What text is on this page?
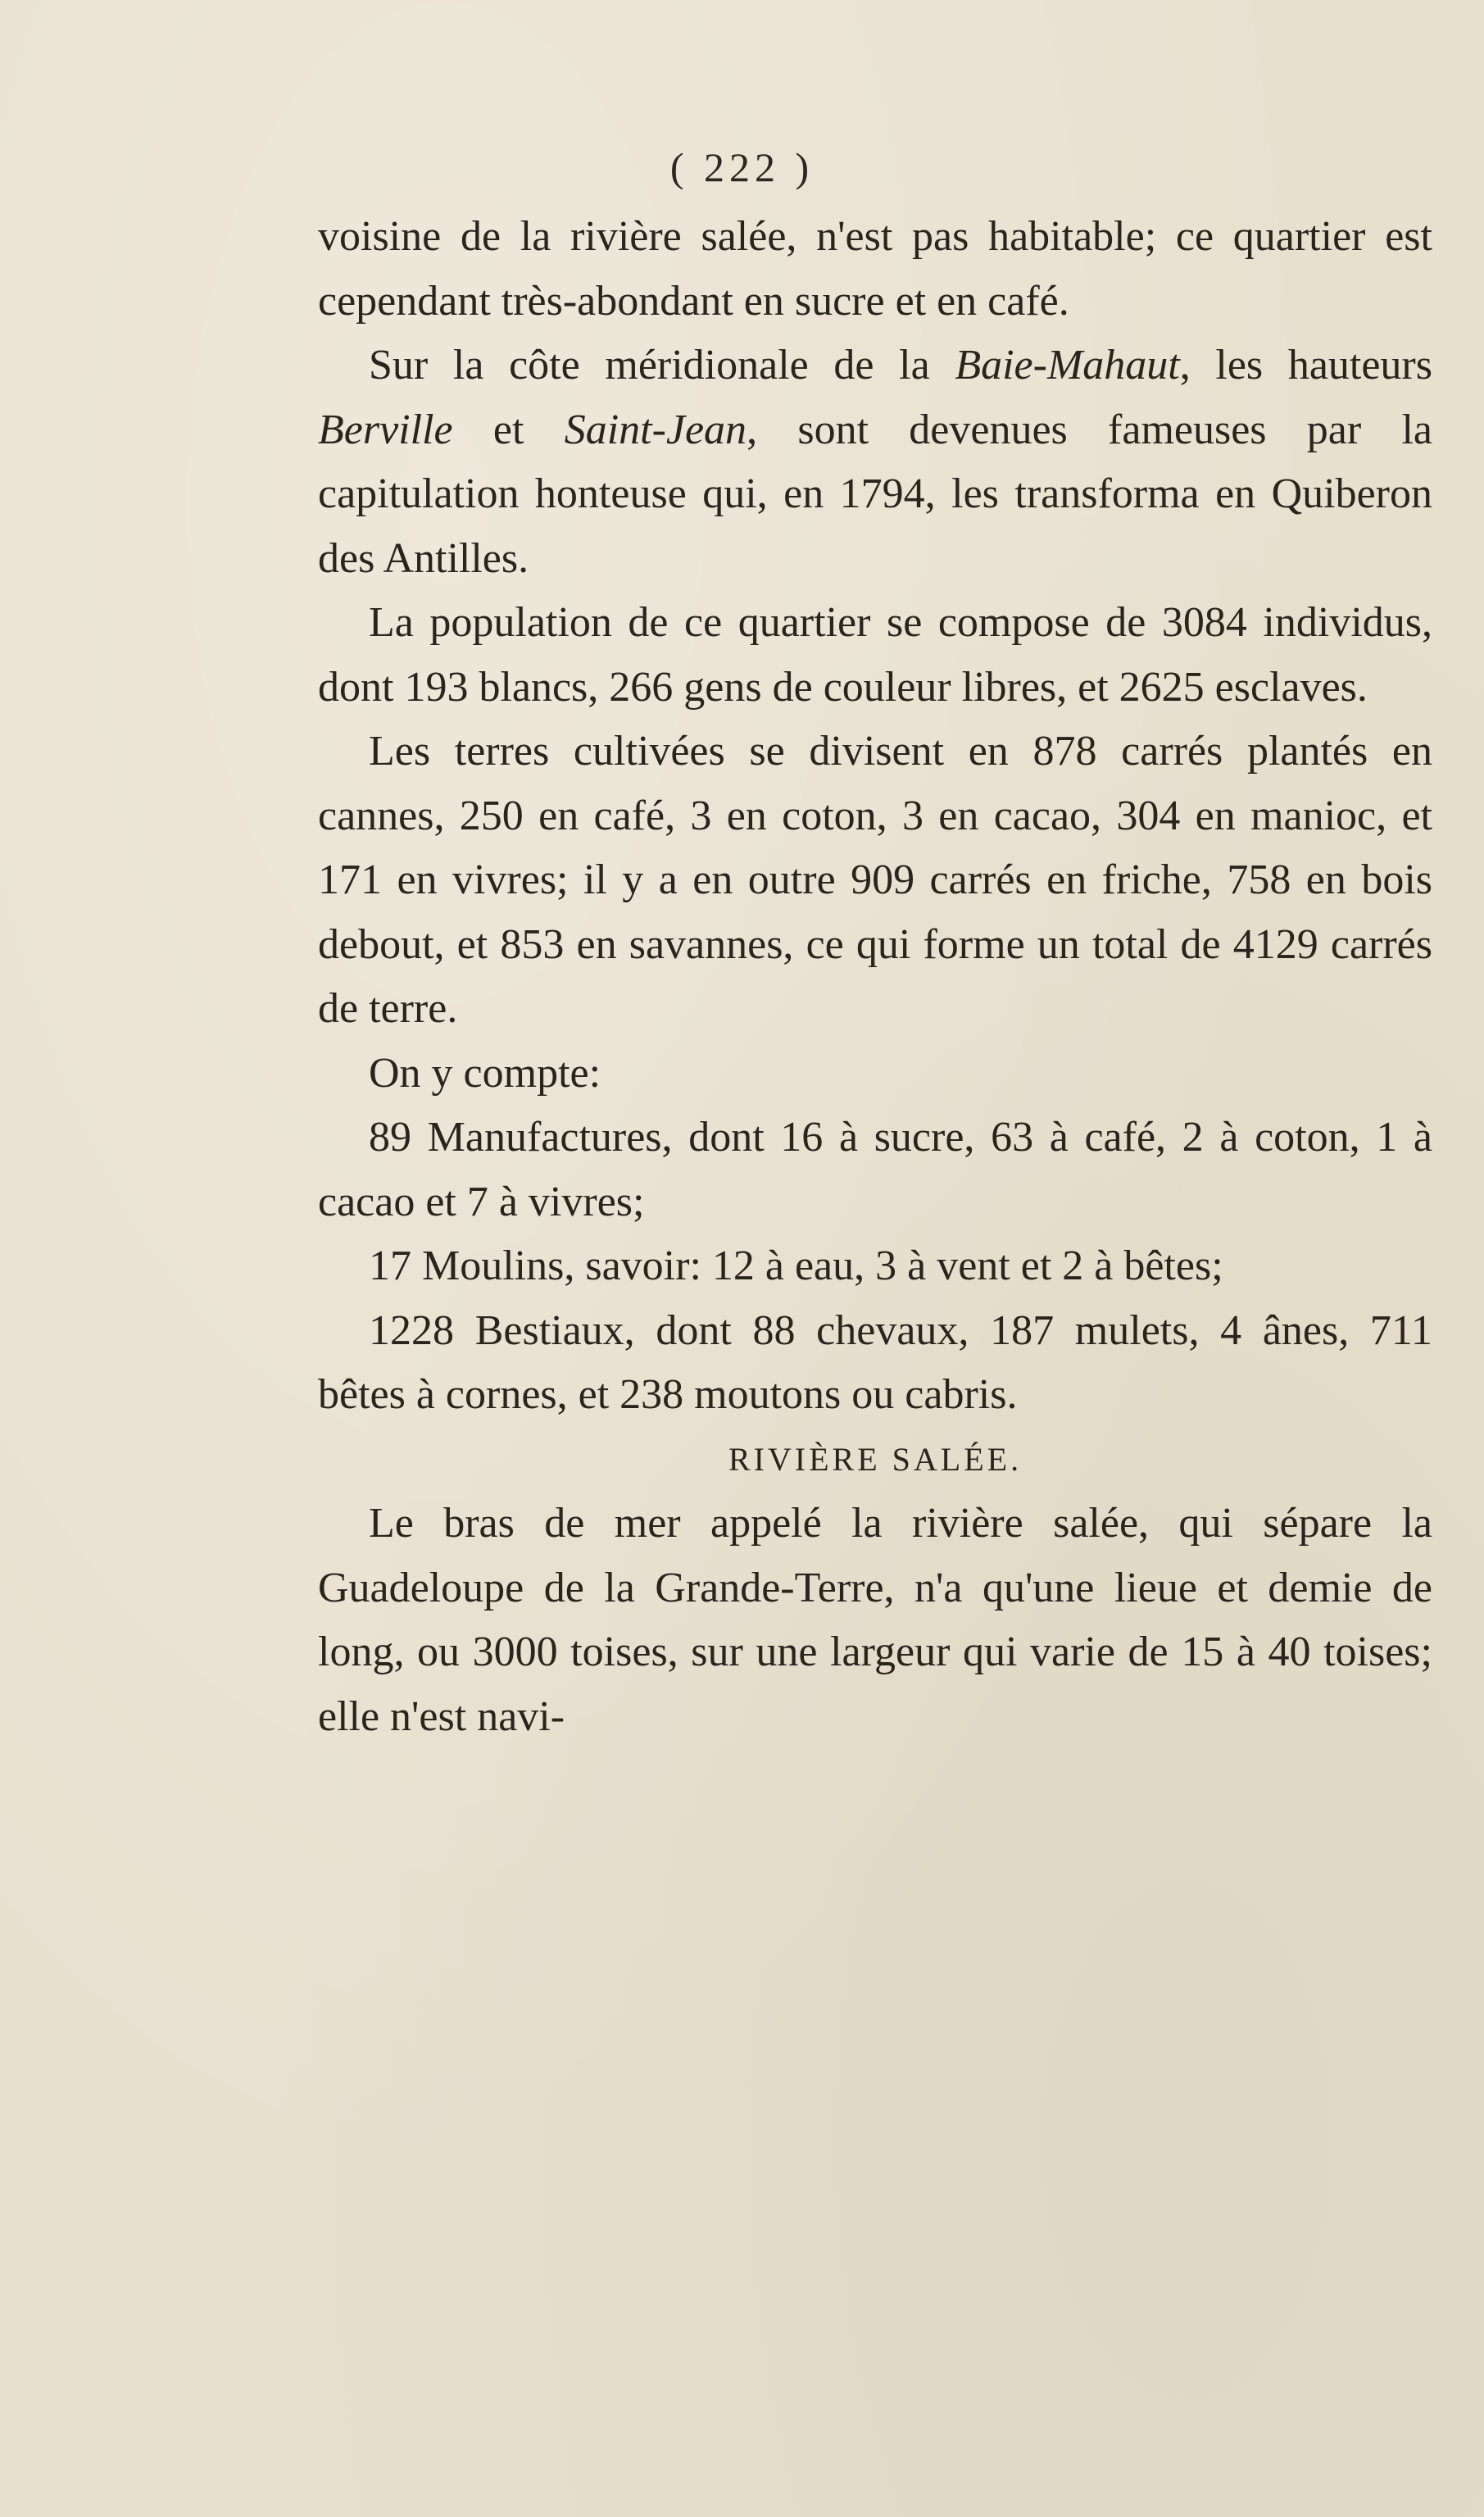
( 222 )

voisine de la rivière salée, n'est pas habitable; ce quartier est cependant très-abondant en sucre et en café.

Sur la côte méridionale de la Baie-Mahaut, les hauteurs Berville et Saint-Jean, sont devenues fameuses par la capitulation honteuse qui, en 1794, les transforma en Quiberon des Antilles.

La population de ce quartier se compose de 3084 individus, dont 193 blancs, 266 gens de couleur libres, et 2625 esclaves.

Les terres cultivées se divisent en 878 carrés plantés en cannes, 250 en café, 3 en coton, 3 en cacao, 304 en manioc, et 171 en vivres; il y a en outre 909 carrés en friche, 758 en bois debout, et 853 en savannes, ce qui forme un total de 4129 carrés de terre.

On y compte:

89 Manufactures, dont 16 à sucre, 63 à café, 2 à coton, 1 à cacao et 7 à vivres;

17 Moulins, savoir: 12 à eau, 3 à vent et 2 à bêtes;

1228 Bestiaux, dont 88 chevaux, 187 mulets, 4 ânes, 711 bêtes à cornes, et 238 moutons ou cabris.

RIVIÈRE SALÉE.

Le bras de mer appelé la rivière salée, qui sépare la Guadeloupe de la Grande-Terre, n'a qu'une lieue et demie de long, ou 3000 toises, sur une largeur qui varie de 15 à 40 toises; elle n'est navi-
